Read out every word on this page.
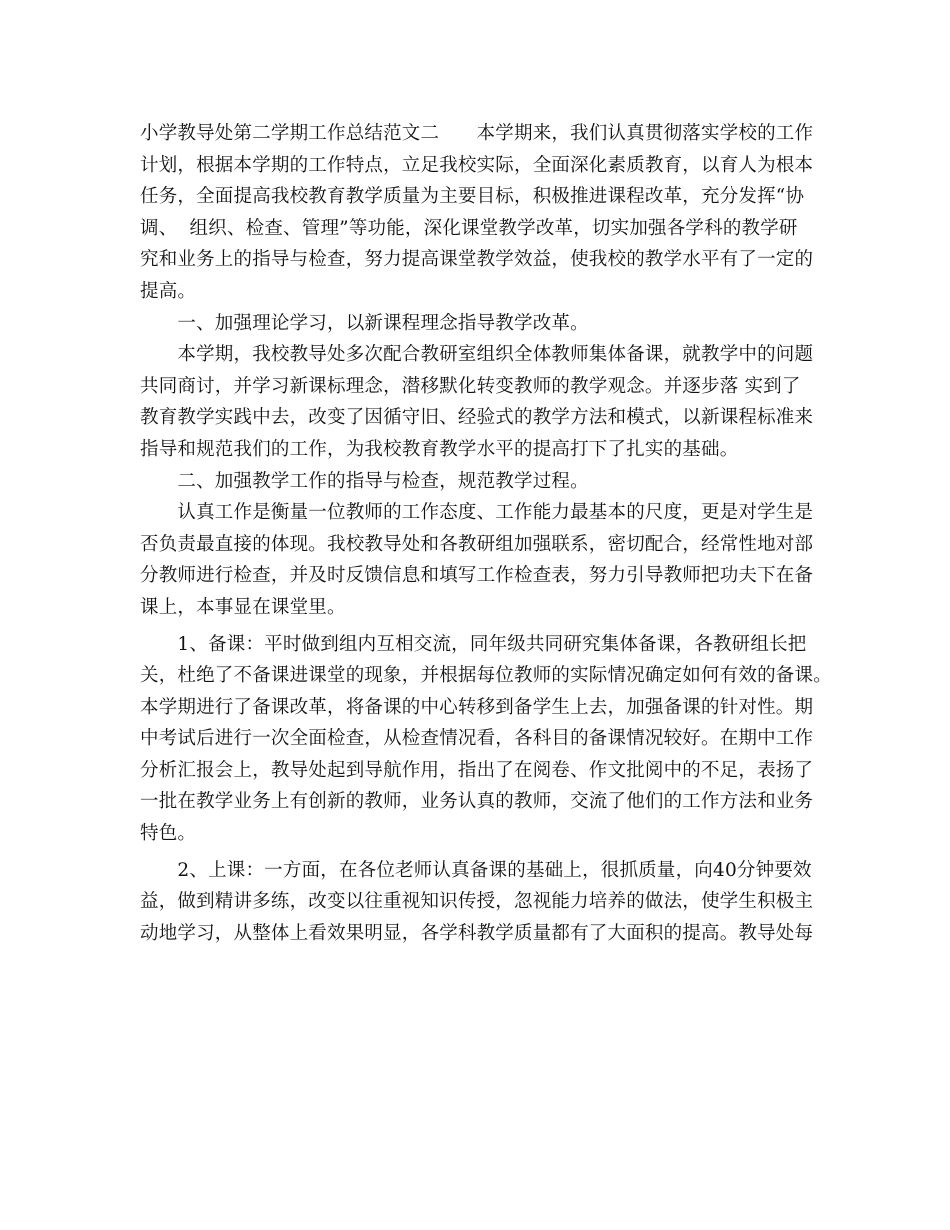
小学教导处第二学期工作总结范文二　　本学期来，我们认真贯彻落实学校的工作
计划，根据本学期的工作特点，立足我校实际，全面深化素质教育，以育人为根本
任务，全面提高我校教育教学质量为主要目标，积极推进课程改革，充分发挥“协
调、  组织、检查、管理”等功能，深化课堂教学改革，切实加强各学科的教学研
究和业务上的指导与检查，努力提高课堂教学效益，使我校的教学水平有了一定的
提高。
　　一、加强理论学习，以新课程理念指导教学改革。
　　本学期，我校教导处多次配合教研室组织全体教师集体备课，就教学中的问题
共同商讨，并学习新课标理念，潜移默化转变教师的教学观念。并逐步落 实到了
教育教学实践中去，改变了因循守旧、经验式的教学方法和模式，以新课程标准来
指导和规范我们的工作，为我校教育教学水平的提高打下了扎实的基础。
　　二、加强教学工作的指导与检查，规范教学过程。
　　认真工作是衡量一位教师的工作态度、工作能力最基本的尺度，更是对学生是
否负责最直接的体现。我校教导处和各教研组加强联系，密切配合，经常性地对部
分教师进行检查，并及时反馈信息和填写工作检查表，努力引导教师把功夫下在备
课上，本事显在课堂里。
　　1、备课：平时做到组内互相交流，同年级共同研究集体备课，各教研组长把
关，杜绝了不备课进课堂的现象，并根据每位教师的实际情况确定如何有效的备课。
本学期进行了备课改革，将备课的中心转移到备学生上去，加强备课的针对性。期
中考试后进行一次全面检查，从检查情况看，各科目的备课情况较好。在期中工作
分析汇报会上，教导处起到导航作用，指出了在阅卷、作文批阅中的不足，表扬了
一批在教学业务上有创新的教师，业务认真的教师，交流了他们的工作方法和业务
特色。
　　2、上课：一方面，在各位老师认真备课的基础上，很抓质量，向40分钟要效
益，做到精讲多练，改变以往重视知识传授，忽视能力培养的做法，使学生积极主
动地学习，从整体上看效果明显，各学科教学质量都有了大面积的提高。教导处每
